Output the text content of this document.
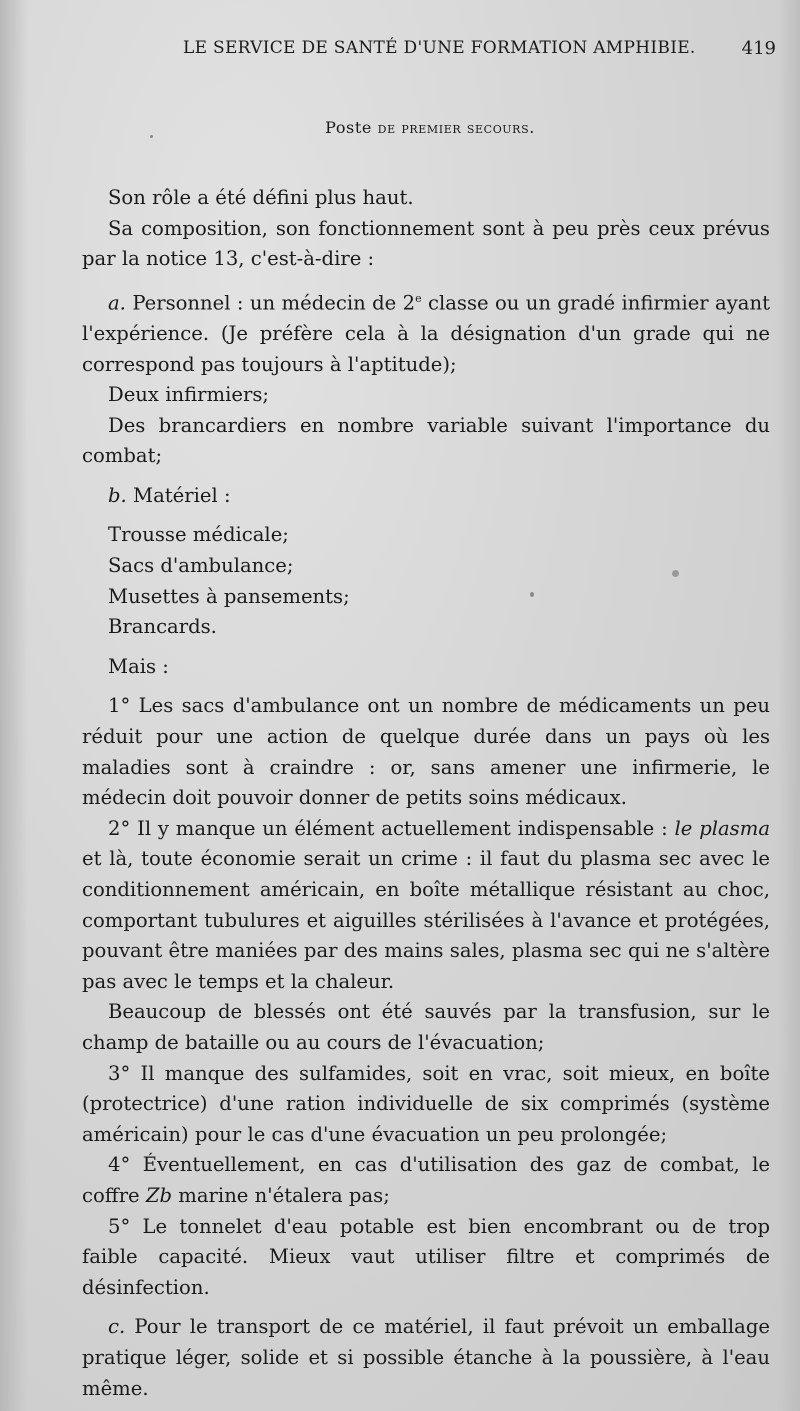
LE SERVICE DE SANTÉ D'UNE FORMATION AMPHIBIE.	419
Poste de premier secours.

Son rôle a été défini plus haut.

Sa composition, son fonctionnement sont à peu près ceux prévus par la notice 13, c'est-à-dire :

a. Personnel : un médecin de 2e classe ou un gradé infirmier ayant l'expérience. (Je préfère cela à la désignation d'un grade qui ne correspond pas toujours à l'aptitude);

Deux infirmiers;

Des brancardiers en nombre variable suivant l'importance du combat;

b. Matériel :

Trousse médicale;

Sacs d'ambulance;

Musettes à pansements;

Brancards.

Mais :

1° Les sacs d'ambulance ont un nombre de médicaments un peu réduit pour une action de quelque durée dans un pays où les maladies sont à craindre : or, sans amener une infirmerie, le médecin doit pouvoir donner de petits soins médicaux.

2° Il y manque un élément actuellement indispensable : le plasma et là, toute économie serait un crime : il faut du plasma sec avec le conditionnement américain, en boîte métallique résistant au choc, comportant tubulures et aiguilles stérilisées à l'avance et protégées, pouvant être maniées par des mains sales, plasma sec qui ne s'altère pas avec le temps et la chaleur.

Beaucoup de blessés ont été sauvés par la transfusion, sur le champ de bataille ou au cours de l'évacuation;

3° Il manque des sulfamides, soit en vrac, soit mieux, en boîte (protectrice) d'une ration individuelle de six comprimés (système américain) pour le cas d'une évacuation un peu prolongée;

4° Éventuellement, en cas d'utilisation des gaz de combat, le coffre Zb marine n'étalera pas;

5° Le tonnelet d'eau potable est bien encombrant ou de trop faible capacité. Mieux vaut utiliser filtre et comprimés de désinfection.

c. Pour le transport de ce matériel, il faut prévoit un emballage pratique léger, solide et si possible étanche à la poussière, à l'eau même.
